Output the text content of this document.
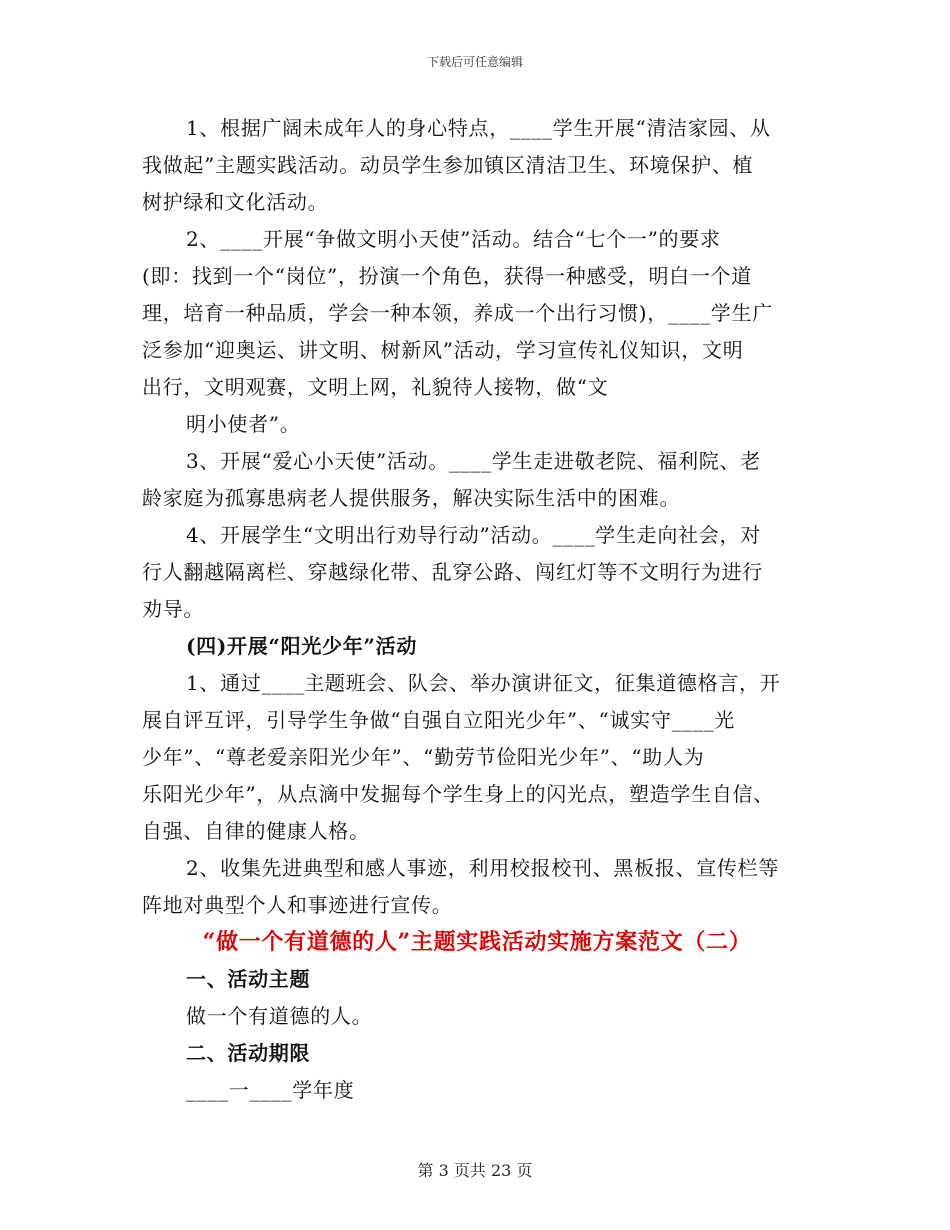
下载后可任意编辑
1、根据广阔未成年人的身心特点，____学生开展“清洁家园、从
我做起”主题实践活动。动员学生参加镇区清洁卫生、环境保护、植
树护绿和文化活动。
2、____开展“争做文明小天使”活动。结合“七个一”的要求
(即：找到一个“岗位”，扮演一个角色，获得一种感受，明白一个道
理，培育一种品质，学会一种本领，养成一个出行习惯)，____学生广
泛参加“迎奥运、讲文明、树新风”活动，学习宣传礼仪知识，文明
出行，文明观赛，文明上网，礼貌待人接物，做“文
明小使者”。
3、开展“爱心小天使”活动。____学生走进敬老院、福利院、老
龄家庭为孤寡患病老人提供服务，解决实际生活中的困难。
4、开展学生“文明出行劝导行动”活动。____学生走向社会，对
行人翻越隔离栏、穿越绿化带、乱穿公路、闯红灯等不文明行为进行
劝导。
(四)开展“阳光少年”活动
1、通过____主题班会、队会、举办演讲征文，征集道德格言，开
展自评互评，引导学生争做“自强自立阳光少年”、“诚实守____光
少年”、“尊老爱亲阳光少年”、“勤劳节俭阳光少年”、“助人为
乐阳光少年”，从点滴中发掘每个学生身上的闪光点，塑造学生自信、
自强、自律的健康人格。
2、收集先进典型和感人事迹，利用校报校刊、黑板报、宣传栏等
阵地对典型个人和事迹进行宣传。
“做一个有道德的人”主题实践活动实施方案范文（二）
一、活动主题
做一个有道德的人。
二、活动期限
____一____学年度
第 3 页共 23 页
